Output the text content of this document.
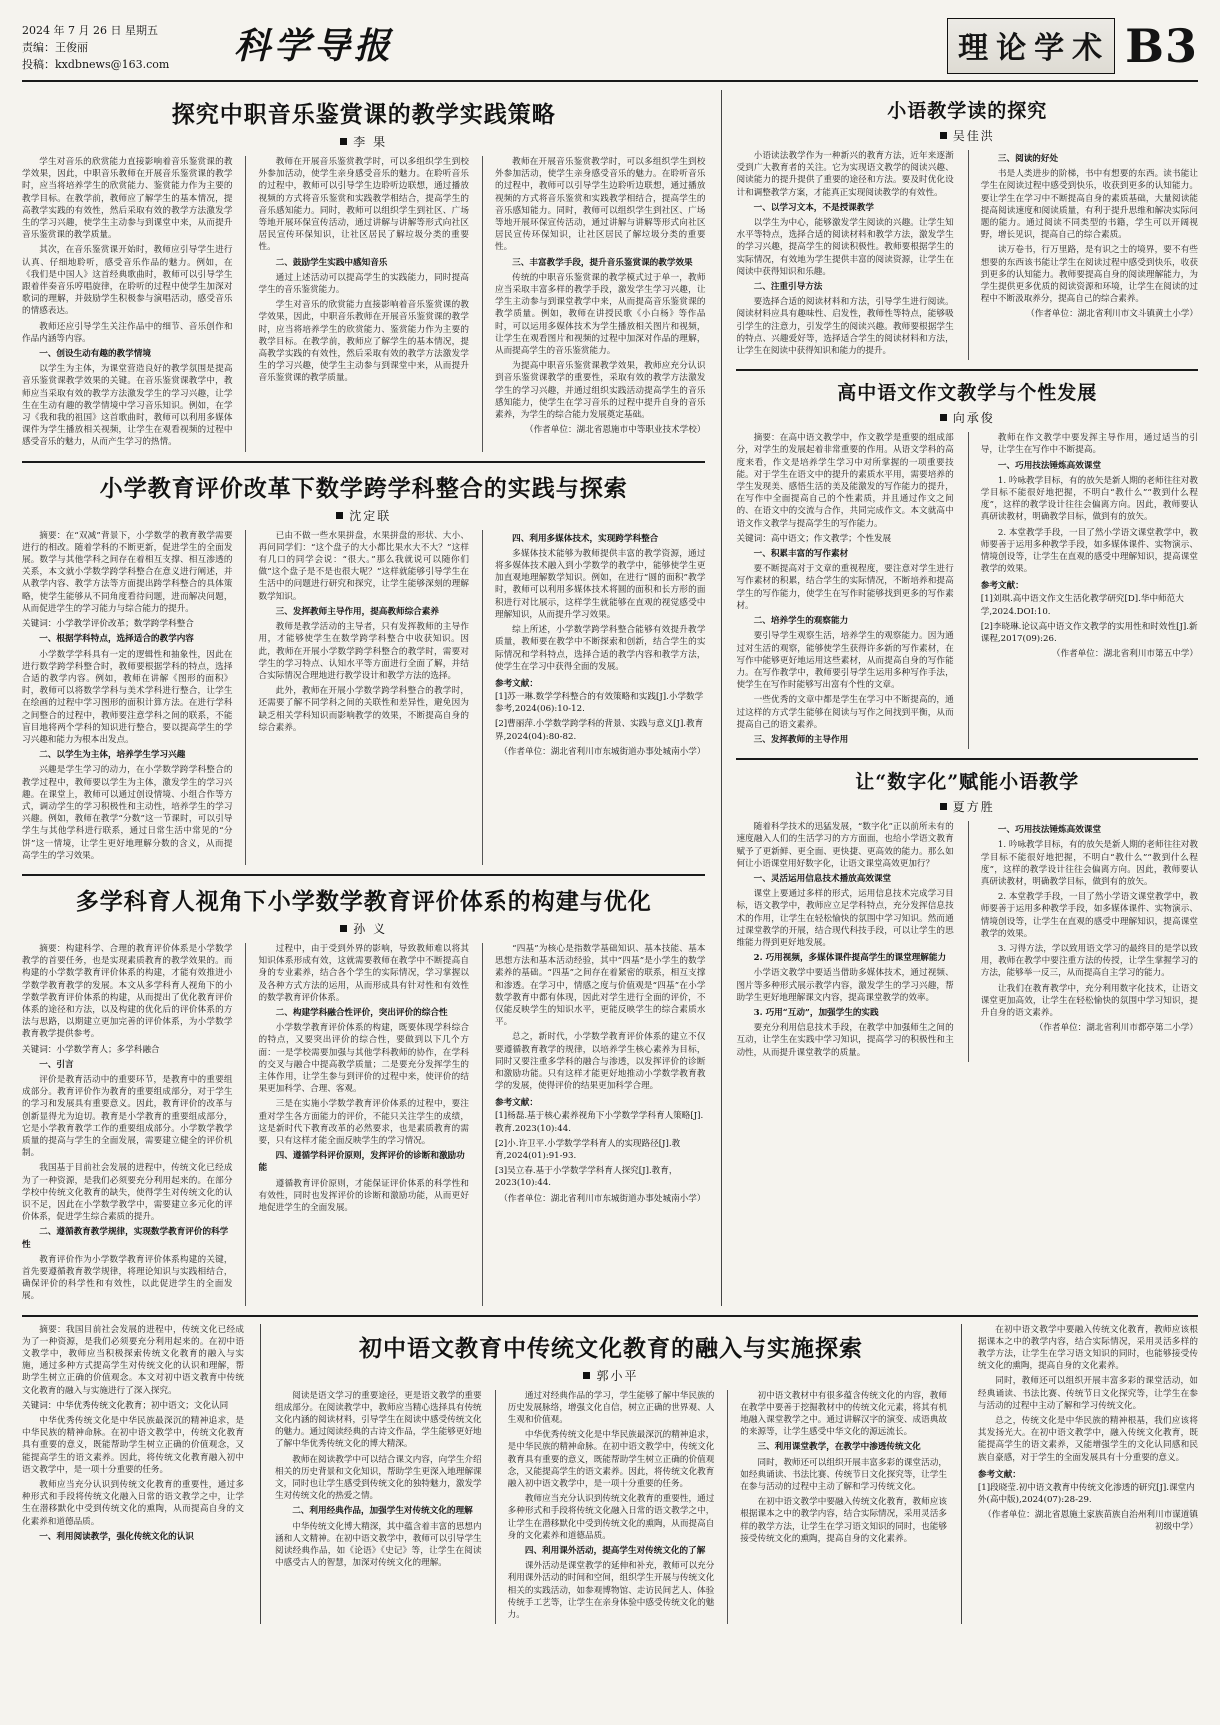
2024 年 7 月 26 日 星期五
责编：王俊丽
投稿：kxdbnews@163.com	科学导报	理 论 学 术 B3
探究中职音乐鉴赏课的教学实践策略
李 果

学生对音乐的欣赏能力直接影响着音乐鉴赏课的教学效果，因此，中职音乐教师在开展音乐鉴赏课的教学时，应当将培养学生的欣赏能力、鉴赏能力作为主要的教学目标。在教学前，教师应了解学生的基本情况，提高教学实践的有效性，然后采取有效的教学方法激发学生的学习兴趣，使学生主动参与到课堂中来，从而提升音乐鉴赏课的教学质量。

其次，在音乐鉴赏课开始时，教师应引导学生进行认真、仔细地聆听，感受音乐作品的魅力。例如，在《我们是中国人》这首经典歌曲时，教师可以引导学生跟着伴奏音乐哼唱旋律，在聆听的过程中使学生加深对歌词的理解，并鼓励学生积极参与演唱活动，感受音乐的情感表达。

教师还应引导学生关注作品中的细节、音乐创作和作品内涵等内容。

一、创设生动有趣的教学情境

以学生为主体，为课堂营造良好的教学氛围是提高音乐鉴赏课教学效果的关键。在音乐鉴赏课教学中，教师应当采取有效的教学方法激发学生的学习兴趣，让学生在生动有趣的教学情境中学习音乐知识。例如，在学习《我和我的祖国》这首歌曲时，教师可以利用多媒体课件为学生播放相关视频，让学生在观看视频的过程中感受音乐的魅力，从而产生学习的热情。

教师在开展音乐鉴赏教学时，可以多组织学生到校外参加活动，使学生亲身感受音乐的魅力。在聆听音乐的过程中，教师可以引导学生边聆听边联想，通过播放视频的方式将音乐鉴赏和实践教学相结合，提高学生的音乐感知能力。同时，教师可以组织学生到社区、广场等地开展环保宣传活动，通过讲解与讲解等形式向社区居民宣传环保知识，让社区居民了解垃圾分类的重要性。

二、鼓励学生实践中感知音乐

通过上述活动可以提高学生的实践能力，同时提高学生的音乐鉴赏能力。

学生对音乐的欣赏能力直接影响着音乐鉴赏课的教学效果，因此，中职音乐教师在开展音乐鉴赏课的教学时，应当将培养学生的欣赏能力、鉴赏能力作为主要的教学目标。在教学前，教师应了解学生的基本情况，提高教学实践的有效性，然后采取有效的教学方法激发学生的学习兴趣，使学生主动参与到课堂中来，从而提升音乐鉴赏课的教学质量。

教师在开展音乐鉴赏教学时，可以多组织学生到校外参加活动，使学生亲身感受音乐的魅力。在聆听音乐的过程中，教师可以引导学生边聆听边联想，通过播放视频的方式将音乐鉴赏和实践教学相结合，提高学生的音乐感知能力。同时，教师可以组织学生到社区、广场等地开展环保宣传活动，通过讲解与讲解等形式向社区居民宣传环保知识，让社区居民了解垃圾分类的重要性。

三、丰富教学手段，提升音乐鉴赏课的教学效果

传统的中职音乐鉴赏课的教学模式过于单一，教师应当采取丰富多样的教学手段，激发学生学习兴趣，让学生主动参与到课堂教学中来，从而提高音乐鉴赏课的教学质量。例如，教师在讲授民歌《小白杨》等作品时，可以运用多媒体技术为学生播放相关图片和视频，让学生在观看图片和视频的过程中加深对作品的理解，从而提高学生的音乐鉴赏能力。

为提高中职音乐鉴赏课教学效果，教师应充分认识到音乐鉴赏课教学的重要性，采取有效的教学方法激发学生的学习兴趣，并通过组织实践活动提高学生的音乐感知能力，使学生在学习音乐的过程中提升自身的音乐素养，为学生的综合能力发展奠定基础。

（作者单位：湖北省恩施市中等职业技术学校）

小学教育评价改革下数学跨学科整合的实践与探索
沈定联

摘要：在“双减”背景下，小学数学的教育教学需要进行的相改。随着学科的不断更新，促进学生的全面发展。数学与其他学科之间存在着相互支撑、相互渗透的关系，本文就小学数学跨学科整合在意义进行阐述，并从教学内容、教学方法等方面提出跨学科整合的具体策略，使学生能够从不同角度看待问题，进而解决问题，从而促进学生的学习能力与综合能力的提升。

关键词：小学教学评价改革；数学跨学科整合

一、根据学科特点，选择适合的教学内容

小学数学学科具有一定的逻辑性和抽象性，因此在进行数学跨学科整合时，教师要根据学科的特点，选择合适的教学内容。例如，教师在讲解《图形的面积》时，教师可以将数学学科与美术学科进行整合，让学生在绘画的过程中学习图形的面积计算方法。在进行学科之间整合的过程中，教师要注意学科之间的联系，不能盲目地将两个学科的知识进行整合，要以提高学生的学习兴趣和能力为根本出发点。

二、以学生为主体，培养学生学习兴趣

兴趣是学生学习的动力，在小学数学跨学科整合的教学过程中，教师要以学生为主体，激发学生的学习兴趣。在课堂上，教师可以通过创设情境、小组合作等方式，调动学生的学习积极性和主动性，培养学生的学习兴趣。例如，教师在教学“分数”这一节课时，可以引导学生与其他学科进行联系，通过日常生活中常见的“分饼”这一情境，让学生更好地理解分数的含义，从而提高学生的学习效果。

已由不做一些水果拼盘，水果拼盘的形状、大小、再问同学们：“这个盘子的大小都比果水大不大？”这样有几口的同学会说：“很大。”那么我就说可以随你们做“这个盘子是不是也很大呢？”这样就能够引导学生在生活中的问题进行研究和探究，让学生能够深刻的理解数学知识。

三、发挥教师主导作用，提高教师综合素养

教师是教学活动的主导者，只有发挥教师的主导作用，才能够使学生在数学跨学科整合中收获知识。因此，教师在开展小学数学跨学科整合的教学时，需要对学生的学习特点、认知水平等方面进行全面了解，并结合实际情况合理地进行教学设计和教学方法的选择。

此外，教师在开展小学数学跨学科整合的教学时，还需要了解不同学科之间的关联性和差异性，避免因为缺乏相关学科知识而影响教学的效果，不断提高自身的综合素养。

四、利用多媒体技术，实现跨学科整合

多媒体技术能够为教师提供丰富的教学资源，通过将多媒体技术融入到小学数学的教学中，能够使学生更加直观地理解数学知识。例如，在进行“圆的面积”教学时，教师可以利用多媒体技术将圆的面积和长方形的面积进行对比展示，这样学生就能够在直观的视觉感受中理解知识，从而提升学习效果。

综上所述，小学数学跨学科整合能够有效提升教学质量，教师要在教学中不断探索和创新，结合学生的实际情况和学科特点，选择合适的教学内容和教学方法，使学生在学习中获得全面的发展。

参考文献：

[1]苏一琳.数学学科整合的有效策略和实践[J].小学数学参考,2024(06):10-12.

[2]曹丽萍.小学数学跨学科的背景、实践与意义[J].教育界,2024(04):80-82.

（作者单位：湖北省利川市东城街道办事处城南小学）

多学科育人视角下小学数学教育评价体系的构建与优化
孙 义

摘要：构建科学、合理的教育评价体系是小学数学教学的首要任务，也是实现素质教育的教学效果的。而构建的小学数学教育评价体系的构建，才能有效推进小学数学教育教学的发展。本文从多学科育人视角下的小学数学教育评价体系的构建，从而提出了优化教育评价体系的途径和方法，以及构建的优化后的评价体系的方法与思路，以期建立更加完善的评价体系，为小学数学教育教学提供参考。

关键词：小学数学育人；多学科融合

一、引言

评价是教育活动中的重要环节，是教育中的重要组成部分。教育评价作为教育的重要组成部分，对于学生的学习和发展具有重要意义。因此，教育评价的改革与创新显得尤为迫切。教育是小学教育的重要组成部分，它是小学教育教学工作的重要组成部分。小学数学教学质量的提高与学生的全面发展，需要建立健全的评价机制。

我国基于目前社会发展的进程中，传统文化已经成为了一种资源，是我们必须要充分利用起来的。在部分学校中传统文化教育的缺失，使得学生对传统文化的认识不足，因此在小学数学教学中，需要建立多元化的评价体系，促进学生综合素质的提升。

二、遵循教育教学规律，实现数学教育评价的科学性

教育评价作为小学数学教育评价体系构建的关键，首先要遵循教育教学规律，将理论知识与实践相结合，确保评价的科学性和有效性，以此促进学生的全面发展。

过程中，由于受到外界的影响，导致教师难以将其知识体系形成有效，这就需要教师在教学中不断提高自身的专业素养，结合各个学生的实际情况，学习掌握以及各种方式方法的运用，从而形成具有针对性和有效性的数学教育评价体系。

二、构建学科融合性评价，突出评价的综合性

小学数学教育评价体系的构建，既要体现学科综合的特点，又要突出评价的综合性，要做到以下几个方面：一是学校需要加强与其他学科教师的协作，在学科的交叉与融合中提高教学质量；二是要充分发挥学生的主体作用，让学生参与到评价的过程中来，使评价的结果更加科学、合理、客观。

三是在实施小学数学教育评价体系的过程中，要注重对学生各方面能力的评价，不能只关注学生的成绩，这是新时代下教育改革的必然要求，也是素质教育的需要，只有这样才能全面反映学生的学习情况。

四、遵循学科评价原则，发挥评价的诊断和激励功能

遵循教育评价原则，才能保证评价体系的科学性和有效性，同时也发挥评价的诊断和激励功能，从而更好地促进学生的全面发展。

“四基”为核心是指数学基础知识、基本技能、基本思想方法和基本活动经验，其中“四基”是小学生的数学素养的基础。“四基”之间存在着紧密的联系，相互支撑和渗透。在学习中，情感之度与价值观是“四基”在小学数学教育中都有体现，因此对学生进行全面的评价，不仅能反映学生的知识水平，更能反映学生的综合素质水平。

总之，新时代，小学数学教育评价体系的建立不仅要遵循教育教学的规律，以培养学生核心素养为目标，同时又要注重多学科的融合与渗透，以发挥评价的诊断和激励功能。只有这样才能更好地推动小学数学教育教学的发展，使得评价的结果更加科学合理。

参考文献：

[1]杨磊.基于核心素养视角下小学数学学科育人策略[J].教育.2023(10):44.

[2]小.许卫平.小学数学学科育人的实现路径[J].教育,2024(01):91-93.

[3]吴立春.基于小学数学学科育人探究[J].教育，2023(10):44.

（作者单位：湖北省利川市东城街道办事处城南小学）

小语教学读的探究
吴佳洪

小语读法教学作为一种新兴的教育方法，近年来逐渐受到广大教育者的关注。它为实现语文教学的阅读兴趣、阅读能力的提升提供了重要的途径和方法。要及时优化设计和调整教学方案，才能真正实现阅读教学的有效性。

一、以学习文本，不是授课教学

以学生为中心，能够激发学生阅读的兴趣。让学生知水平等特点，选择合适的阅读材料和教学方法，激发学生的学习兴趣，提高学生的阅读积极性。教师要根据学生的实际情况，有效地为学生提供丰富的阅读资源，让学生在阅读中获得知识和乐趣。

二、注重引导方法

要选择合适的阅读材料和方法，引导学生进行阅读。阅读材料应具有趣味性、启发性，教师性等特点，能够吸引学生的注意力，引发学生的阅读兴趣。教师要根据学生的特点、兴趣爱好等，选择适合学生的阅读材料和方法，让学生在阅读中获得知识和能力的提升。

三、阅读的好处

书是人类进步的阶梯，书中有想要的东西。读书能让学生在阅读过程中感受到快乐，收获到更多的认知能力。要让学生在学习中不断提高自身的素质基础，大量阅读能提高阅读速度和阅读质量，有利于提升思维和解决实际问题的能力。通过阅读不同类型的书籍，学生可以开阔视野，增长见识，提高自己的综合素质。

读万卷书，行万里路，是有识之士的境界，要不有些想要的东西该书能让学生在阅读过程中感受到快乐，收获到更多的认知能力。教师要提高自身的阅读理解能力，为学生提供更多优质的阅读资源和环境，让学生在阅读的过程中不断汲取养分，提高自己的综合素养。

（作者单位：湖北省利川市文斗镇黄土小学）

高中语文作文教学与个性发展
向承俊

摘要：在高中语文教学中，作文教学是重要的组成部分，对学生的发展起着非常重要的作用。从语文学科的高度来看，作文是培养学生学习中对所掌握的一项重要技能。对于学生在语文中的提升的素质水平用，需要培养的学生发现美、感悟生活的美及能激发的写作能力的提升，在写作中全面提高自己的个性素质，并且通过作文之间的、在语文中的交流与合作，共同完成作文。本文就高中语文作文教学与提高学生的写作能力。

关键词：高中语文；作文教学；个性发展

一、积累丰富的写作素材

要不断提高对于文章的重视程度，要注意对学生进行写作素材的积累，结合学生的实际情况，不断培养和提高学生的写作能力，使学生在写作时能够找到更多的写作素材。

二、培养学生的观察能力

要引导学生观察生活，培养学生的观察能力。因为通过对生活的观察，能够使学生获得许多新的写作素材，在写作中能够更好地运用这些素材，从而提高自身的写作能力。在写作教学中，教师要引导学生运用多种写作手法，使学生在写作时能够写出富有个性的文章。

一些优秀的文章中都是学生在学习中不断提高的，通过这样的方式学生能够在阅读与写作之间找到平衡，从而提高自己的语文素养。

三、发挥教师的主导作用

教师在作文教学中要发挥主导作用，通过适当的引导，让学生在写作中不断提高。

一、巧用技法锤炼高效课堂

1. 吟咏教学目标，有的放矢是新人期的老师往往对教学目标不能很好地把握，不明白“教什么”“教到什么程度”，这样的教学设计往往会偏离方向。因此，教师要认真研读教材，明确教学目标，做到有的放矢。

2. 本堂教学手段，一目了然小学语文课堂教学中，教师要善于运用多种教学手段，如多媒体课件、实物演示、情境创设等，让学生在直观的感受中理解知识，提高课堂教学的效果。

参考文献：

[1]刘琪.高中语文作文生活化教学研究[D].华中师范大学,2024.DOI:10.

[2]李晓琳.论议高中语文作文教学的实用性和时效性[J].新课程,2017(09):26.

（作者单位：湖北省利川市第五中学）

让“数字化”赋能小语教学
夏方胜

随着科学技术的迅猛发展，“数字化”正以前所未有的速度融入人们的生活学习的方方面面，也给小学语文教育赋予了更新鲜、更全面、更快捷、更高效的能力。那么如何让小语课堂用好数字化，让语文课堂高效更加行？

一、灵活运用信息技术播放高效课堂

课堂上要通过多样的形式，运用信息技术完成学习目标，语文教学中，教师应立足学科特点，充分发挥信息技术的作用，让学生在轻松愉快的氛围中学习知识。然而通过课堂教学的开展，结合现代科技手段，可以让学生的思维能力得到更好地发展。

2. 巧用视频，多媒体课件提高学生的课堂理解能力

小学语文教学中要适当借助多媒体技术，通过视频、图片等多种形式展示教学内容，激发学生的学习兴趣，帮助学生更好地理解课文内容，提高课堂教学的效率。

3. 巧用“互动”，加强学生的实践

要充分利用信息技术手段，在教学中加强师生之间的互动，让学生在实践中学习知识，提高学习的积极性和主动性，从而提升课堂教学的质量。

一、巧用技法锤炼高效课堂

1. 吟咏教学目标，有的放矢是新人期的老师往往对教学目标不能很好地把握，不明白“教什么”“教到什么程度”，这样的教学设计往往会偏离方向。因此，教师要认真研读教材，明确教学目标，做到有的放矢。

2. 本堂教学手段，一目了然小学语文课堂教学中，教师要善于运用多种教学手段，如多媒体课件、实物演示、情境创设等，让学生在直观的感受中理解知识，提高课堂教学的效果。

3. 习得方法，学以致用语文学习的最终目的是学以致用，教师在教学中要注重方法的传授，让学生掌握学习的方法，能够举一反三，从而提高自主学习的能力。

让我们在教育教学中，充分利用数字化技术，让语文课堂更加高效，让学生在轻松愉快的氛围中学习知识，提升自身的语文素养。

（作者单位：湖北省利川市都亭第二小学）

摘要：我国目前社会发展的进程中，传统文化已经成为了一种资源，是我们必须要充分利用起来的。在初中语文教学中，教师应当积极探索传统文化教育的融入与实施，通过多种方式提高学生对传统文化的认识和理解，帮助学生树立正确的价值观念。本文对初中语文教育中传统文化教育的融入与实施进行了深入探究。

关键词：中华优秀传统文化教育；初中语文；文化认同

中华优秀传统文化是中华民族最深沉的精神追求，是中华民族的精神命脉。在初中语文教学中，传统文化教育具有重要的意义，既能帮助学生树立正确的价值观念，又能提高学生的语文素养。因此，将传统文化教育融入初中语文教学中，是一项十分重要的任务。

教师应当充分认识到传统文化教育的重要性，通过多种形式和手段将传统文化融入日常的语文教学之中，让学生在潜移默化中受到传统文化的熏陶，从而提高自身的文化素养和道德品质。

一、利用阅读教学，强化传统文化的认识

初中语文教育中传统文化教育的融入与实施探索
郭小平

阅读是语文学习的重要途径，更是语文教学的重要组成部分。在阅读教学中，教师应当精心选择具有传统文化内涵的阅读材料，引导学生在阅读中感受传统文化的魅力。通过阅读经典的古诗文作品，学生能够更好地了解中华优秀传统文化的博大精深。

教师在阅读教学中可以结合课文内容，向学生介绍相关的历史背景和文化知识，帮助学生更深入地理解课文，同时也让学生感受到传统文化的独特魅力，激发学生对传统文化的热爱之情。

二、利用经典作品，加强学生对传统文化的理解

中华传统文化博大精深，其中蕴含着丰富的思想内涵和人文精神。在初中语文教学中，教师可以引导学生阅读经典作品，如《论语》《史记》等，让学生在阅读中感受古人的智慧，加深对传统文化的理解。

通过对经典作品的学习，学生能够了解中华民族的历史发展脉络，增强文化自信，树立正确的世界观、人生观和价值观。

中华优秀传统文化是中华民族最深沉的精神追求，是中华民族的精神命脉。在初中语文教学中，传统文化教育具有重要的意义，既能帮助学生树立正确的价值观念，又能提高学生的语文素养。因此，将传统文化教育融入初中语文教学中，是一项十分重要的任务。

教师应当充分认识到传统文化教育的重要性，通过多种形式和手段将传统文化融入日常的语文教学之中，让学生在潜移默化中受到传统文化的熏陶，从而提高自身的文化素养和道德品质。

四、利用课外活动，提高学生对传统文化的了解

课外活动是课堂教学的延伸和补充，教师可以充分利用课外活动的时间和空间，组织学生开展与传统文化相关的实践活动，如参观博物馆、走访民间艺人、体验传统手工艺等，让学生在亲身体验中感受传统文化的魅力。

初中语文教材中有很多蕴含传统文化的内容，教师在教学中要善于挖掘教材中的传统文化元素，将其有机地融入课堂教学之中。通过讲解汉字的演变、成语典故的来源等，让学生感受中华文化的源远流长。

三、利用课堂教学，在教学中渗透传统文化

同时，教师还可以组织开展丰富多彩的课堂活动，如经典诵读、书法比赛、传统节日文化探究等，让学生在参与活动的过程中主动了解和学习传统文化。

在初中语文教学中要融入传统文化教育，教师应该根据课本之中的教学内容，结合实际情况，采用灵活多样的教学方法，让学生在学习语文知识的同时，也能够接受传统文化的熏陶，提高自身的文化素养。

在初中语文教学中要融入传统文化教育，教师应该根据课本之中的教学内容，结合实际情况，采用灵活多样的教学方法，让学生在学习语文知识的同时，也能够接受传统文化的熏陶，提高自身的文化素养。

同时，教师还可以组织开展丰富多彩的课堂活动，如经典诵读、书法比赛、传统节日文化探究等，让学生在参与活动的过程中主动了解和学习传统文化。

总之，传统文化是中华民族的精神根基，我们应该将其发扬光大。在初中语文教学中，融入传统文化教育，既能提高学生的语文素养，又能增强学生的文化认同感和民族自豪感，对于学生的全面发展具有十分重要的意义。

参考文献：

[1]段晓莹.初中语文教育中传统文化渗透的研究[J].课堂内外(高中版),2024(07):28-29.

（作者单位：湖北省恩施土家族苗族自治州利川市谋道镇初级中学）
